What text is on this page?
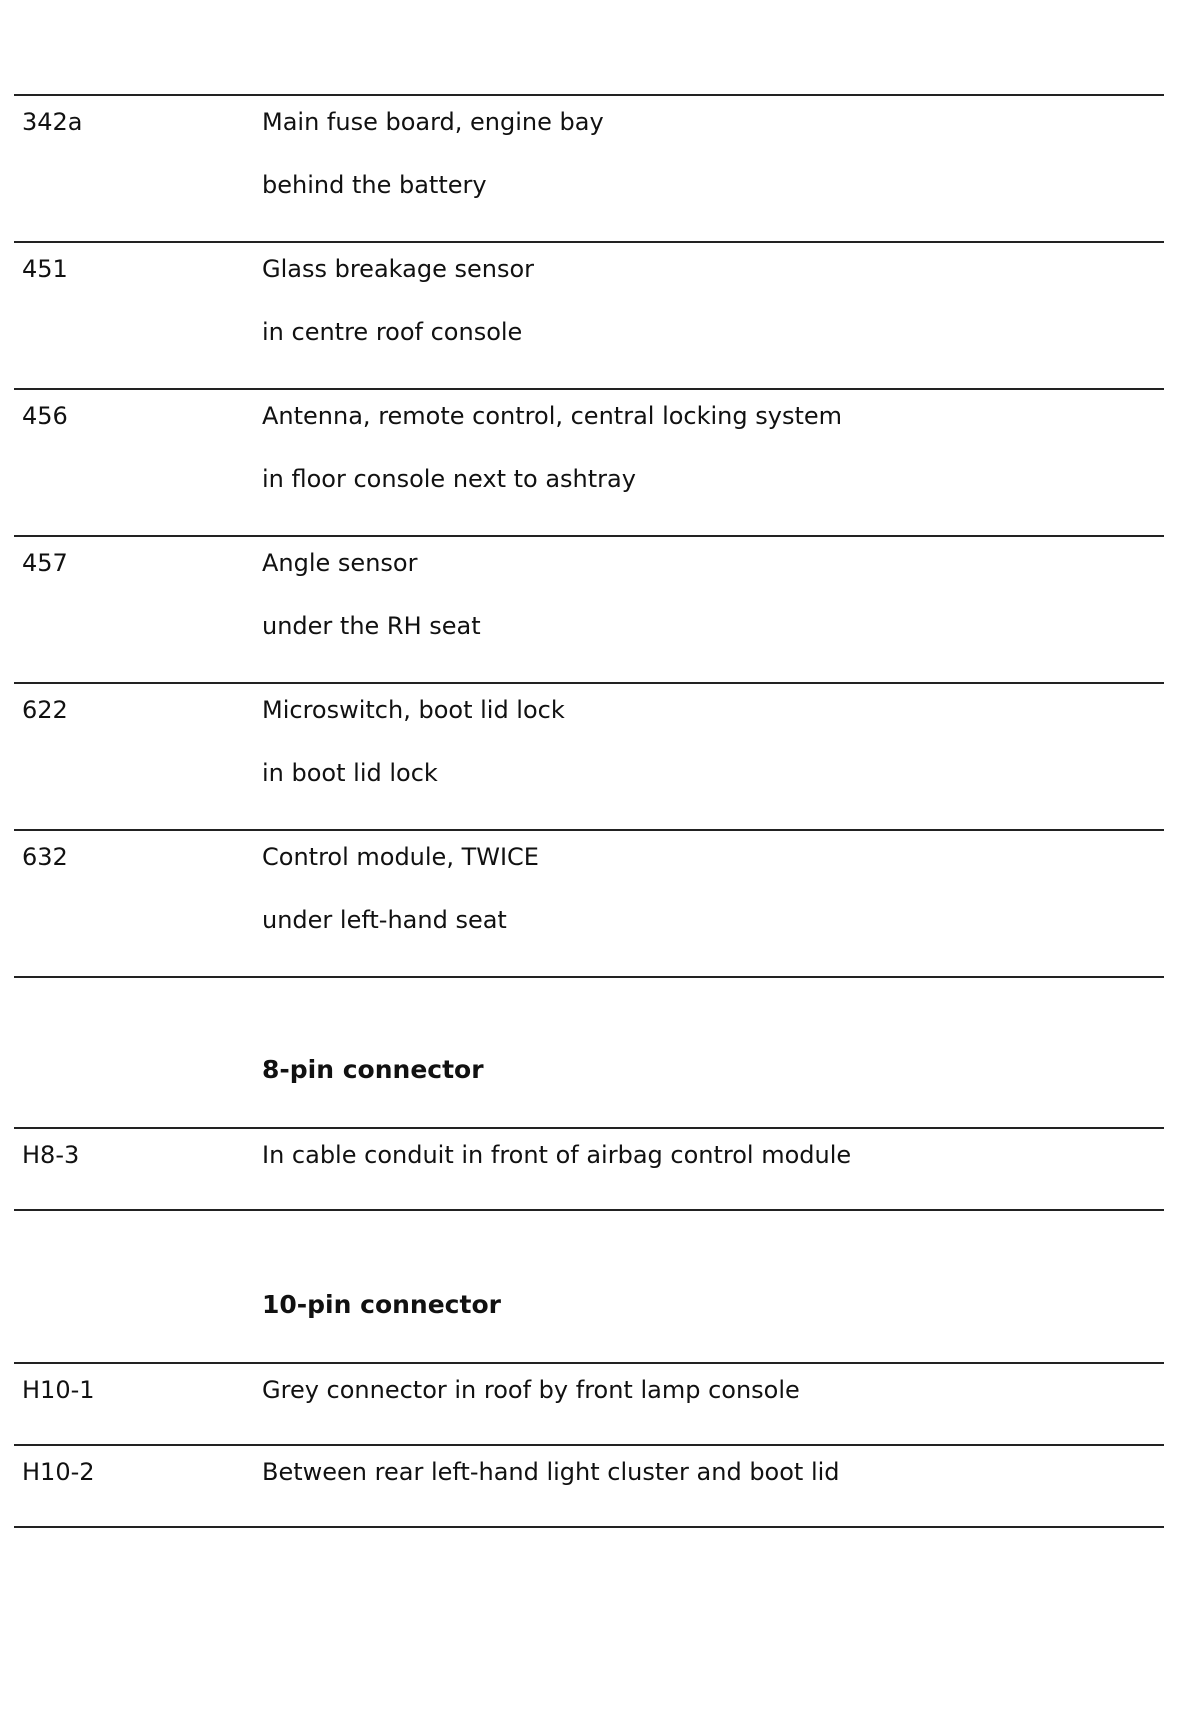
342a	Main fuse board, engine bay
behind the battery
451	Glass breakage sensor
in centre roof console
456	Antenna, remote control, central locking system
in floor console next to ashtray
457	Angle sensor
under the RH seat
622	Microswitch, boot lid lock
in boot lid lock
632	Control module, TWICE
under left-hand seat
8-pin connector
H8-3	In cable conduit in front of airbag control module
10-pin connector
H10-1	Grey connector in roof by front lamp console
H10-2	Between rear left-hand light cluster and boot lid
